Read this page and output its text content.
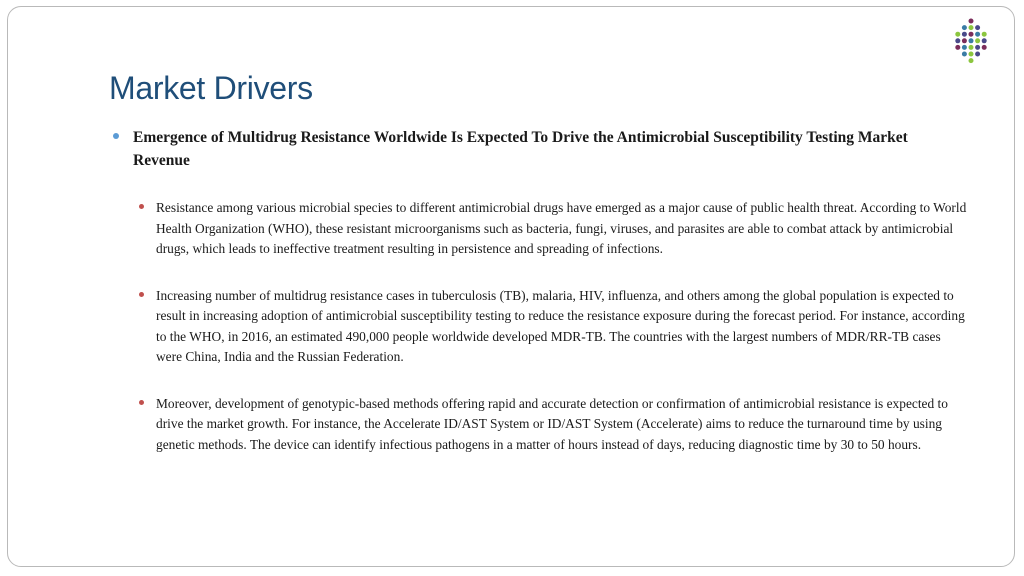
Market Drivers

Emergence of Multidrug Resistance Worldwide Is Expected To Drive the Antimicrobial Susceptibility Testing Market Revenue

Resistance among various microbial species to different antimicrobial drugs have emerged as a major cause of public health threat. According to World Health Organization (WHO), these resistant microorganisms such as bacteria, fungi, viruses, and parasites are able to combat attack by antimicrobial drugs, which leads to ineffective treatment resulting in persistence and spreading of infections.

Increasing number of multidrug resistance cases in tuberculosis (TB), malaria, HIV, influenza, and others among the global population is expected to result in increasing adoption of antimicrobial susceptibility testing to reduce the resistance exposure during the forecast period. For instance, according to the WHO, in 2016, an estimated 490,000 people worldwide developed MDR-TB. The countries with the largest numbers of MDR/RR-TB cases were China, India and the Russian Federation.

Moreover, development of genotypic-based methods offering rapid and accurate detection or confirmation of antimicrobial resistance is expected to drive the market growth. For instance, the Accelerate ID/AST System or ID/AST System (Accelerate) aims to reduce the turnaround time by using genetic methods. The device can identify infectious pathogens in a matter of hours instead of days, reducing diagnostic time by 30 to 50 hours.
